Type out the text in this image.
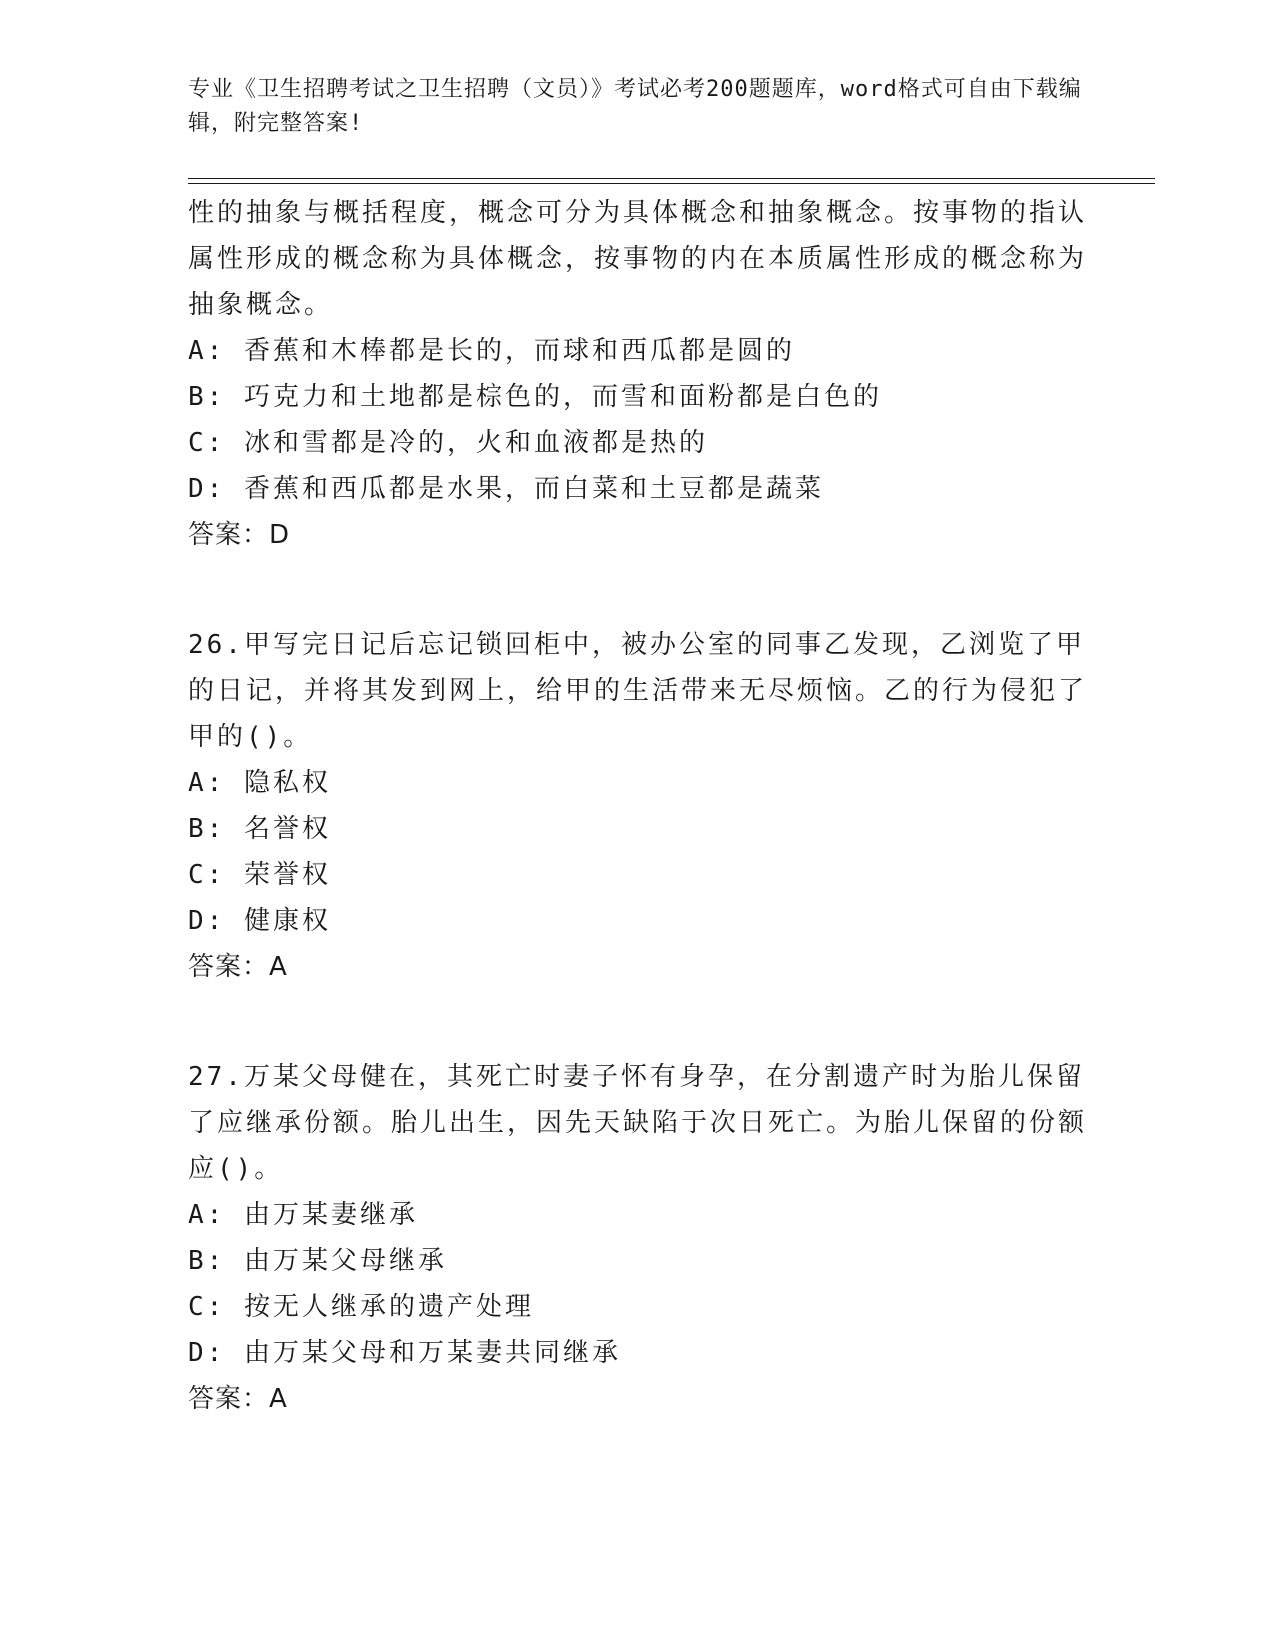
专业《卫生招聘考试之卫生招聘（文员）》考试必考200题题库，word格式可自由下载编辑，附完整答案!

性的抽象与概括程度，概念可分为具体概念和抽象概念。按事物的指认属性形成的概念称为具体概念，按事物的内在本质属性形成的概念称为抽象概念。

A: 香蕉和木棒都是长的，而球和西瓜都是圆的

B: 巧克力和土地都是棕色的，而雪和面粉都是白色的

C: 冰和雪都是冷的，火和血液都是热的

D: 香蕉和西瓜都是水果，而白菜和土豆都是蔬菜

答案：D

26.甲写完日记后忘记锁回柜中，被办公室的同事乙发现，乙浏览了甲的日记，并将其发到网上，给甲的生活带来无尽烦恼。乙的行为侵犯了甲的()。

A: 隐私权

B: 名誉权

C: 荣誉权

D: 健康权

答案：A

27.万某父母健在，其死亡时妻子怀有身孕，在分割遗产时为胎儿保留了应继承份额。胎儿出生，因先天缺陷于次日死亡。为胎儿保留的份额应()。

A: 由万某妻继承

B: 由万某父母继承

C: 按无人继承的遗产处理

D: 由万某父母和万某妻共同继承

答案：A
